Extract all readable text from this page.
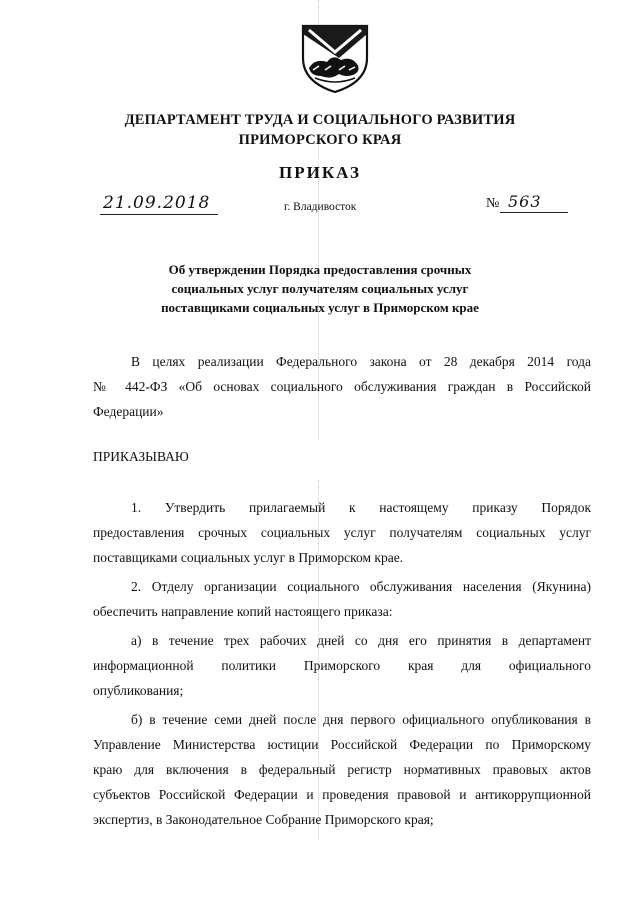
ДЕПАРТАМЕНТ ТРУДА И СОЦИАЛЬНОГО РАЗВИТИЯ
ПРИМОРСКОГО КРАЯ
ПРИКАЗ
21.09.2018	г. Владивосток	№ 563
Об утверждении Порядка предоставления срочных
социальных услуг получателям социальных услуг
поставщиками социальных услуг в Приморском крае
В целях реализации Федерального закона от 28 декабря 2014 года
№ 442-ФЗ «Об основах социального обслуживания граждан в Российской
Федерации»
ПРИКАЗЫВАЮ
1. Утвердить прилагаемый к настоящему приказу Порядок
предоставления срочных социальных услуг получателям социальных услуг
поставщиками социальных услуг в Приморском крае.
2. Отделу организации социального обслуживания населения (Якунина)
обеспечить направление копий настоящего приказа:
а) в течение трех рабочих дней со дня его принятия в департамент
информационной политики Приморского края для официального
опубликования;
б) в течение семи дней после дня первого официального опубликования в
Управление Министерства юстиции Российской Федерации по Приморскому
краю для включения в федеральный регистр нормативных правовых актов
субъектов Российской Федерации и проведения правовой и антикоррупционной
экспертиз, в Законодательное Собрание Приморского края;
